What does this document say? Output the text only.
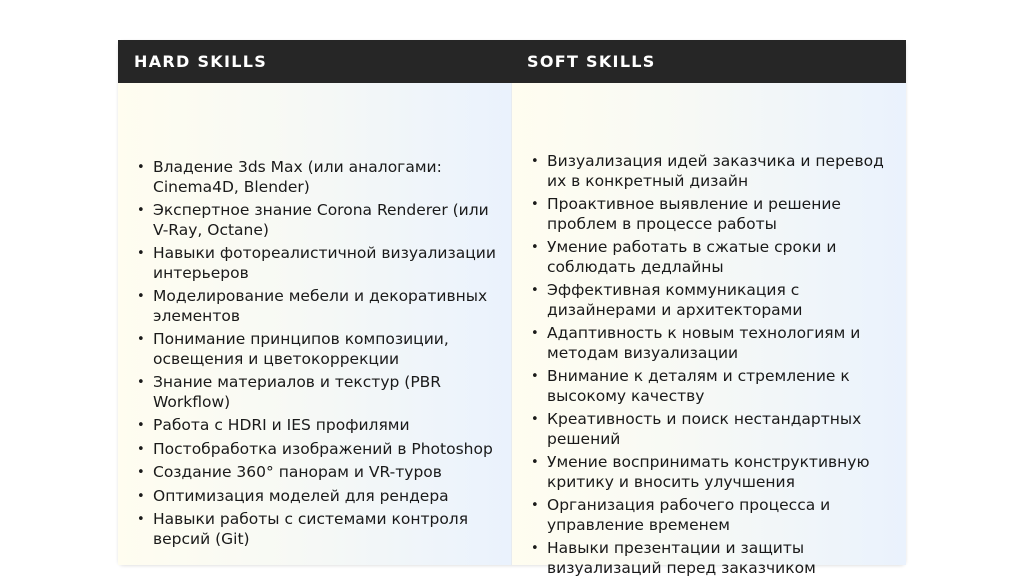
HARD SKILLS	SOFT SKILLS
• Владение 3ds Max (или аналогами: Cinema4D, Blender)
• Экспертное знание Corona Renderer (или V-Ray, Octane)
• Навыки фотореалистичной визуализации интерьеров
• Моделирование мебели и декоративных элементов
• Понимание принципов композиции, освещения и цветокоррекции
• Знание материалов и текстур (PBR Workflow)
• Работа с HDRI и IES профилями
• Постобработка изображений в Photoshop
• Создание 360° панорам и VR-туров
• Оптимизация моделей для рендера
• Навыки работы с системами контроля версий (Git)
• Визуализация идей заказчика и перевод их в конкретный дизайн
• Проактивное выявление и решение проблем в процессе работы
• Умение работать в сжатые сроки и соблюдать дедлайны
• Эффективная коммуникация с дизайнерами и архитекторами
• Адаптивность к новым технологиям и методам визуализации
• Внимание к деталям и стремление к высокому качеству
• Креативность и поиск нестандартных решений
• Умение воспринимать конструктивную критику и вносить улучшения
• Организация рабочего процесса и управление временем
• Навыки презентации и защиты визуализаций перед заказчиком
